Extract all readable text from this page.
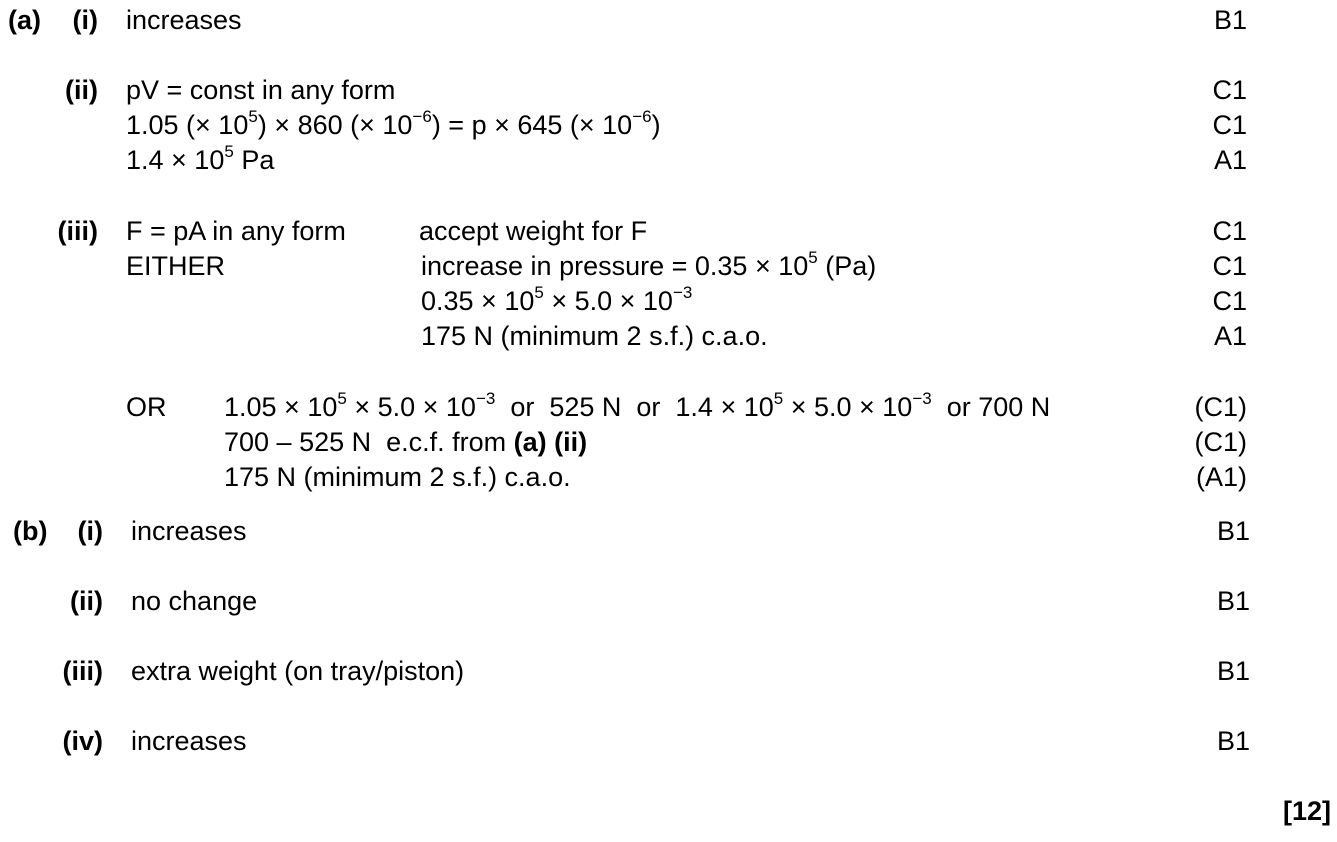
(a)	(i) increases	B1
(ii) pV = const in any form	C1
1.05 (× $10^5) \times 860$ (× $10^{-6}) = p \times 645$ (× $10^{-6}$)	C1
$1.4 \times 10^5$ Pa	A1
(iii) F = pA in any form	accept weight for F	C1
EITHER	increase in pressure = $0.35 \times 10^5$ (Pa)	C1
$0.35 \times 10^5 \times 5.0 \times 10^{-3}$	C1
175 N (minimum 2 s.f.) c.a.o.	A1
OR $1.05 \times 10^5 \times 5.0 \times 10^{-3}$  or  525 N  or  $1.4 \times 10^5 \times 5.0 \times 10^{-3}$  or 700 N	(C1)
700 – 525 N  e.c.f. from (a) (ii)	(C1)
175 N (minimum 2 s.f.) c.a.o.	(A1)
(b)	(i) increases	B1
(ii) no change	B1
(iii) extra weight (on tray/piston)	B1
(iv) increases	B1
[12]
